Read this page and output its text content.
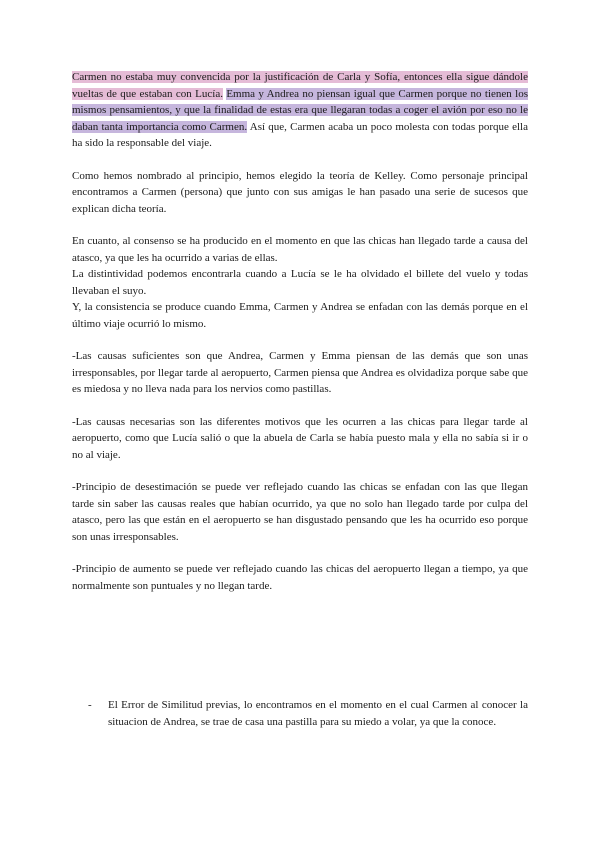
Carmen no estaba muy convencida por la justificación de Carla y Sofía, entonces ella sigue dándole vueltas de que estaban con Lucía. Emma y Andrea no piensan igual que Carmen porque no tienen los mismos pensamientos, y que la finalidad de estas era que llegaran todas a coger el avión por eso no le daban tanta importancia como Carmen. Así que, Carmen acaba un poco molesta con todas porque ella ha sido la responsable del viaje.

Como hemos nombrado al principio, hemos elegido la teoría de Kelley. Como personaje principal encontramos a Carmen (persona) que junto con sus amigas le han pasado una serie de sucesos que explican dicha teoría.

En cuanto, al consenso se ha producido en el momento en que las chicas han llegado tarde a causa del atasco, ya que les ha ocurrido a varias de ellas.
La distintividad podemos encontrarla cuando a Lucía se le ha olvidado el billete del vuelo y todas llevaban el suyo.
Y, la consistencia se produce cuando Emma, Carmen y Andrea se enfadan con las demás porque en el último viaje ocurrió lo mismo.

-Las causas suficientes son que Andrea, Carmen y Emma piensan de las demás que son unas irresponsables, por llegar tarde al aeropuerto, Carmen piensa que Andrea es olvidadiza porque sabe que es miedosa y no lleva nada para los nervios como pastillas.

-Las causas necesarias son las diferentes motivos que les ocurren a las chicas para llegar tarde al aeropuerto, como que Lucía salió o que la abuela de Carla se había puesto mala y ella no sabía si ir o no al viaje.

-Principio de desestimación se puede ver reflejado cuando las chicas se enfadan con las que llegan tarde sin saber las causas reales que habían ocurrido, ya que no solo han llegado tarde por culpa del atasco, pero las que están en el aeropuerto se han disgustado pensando que les ha ocurrido eso porque son unas irresponsables.

-Principio de aumento se puede ver reflejado cuando las chicas del aeropuerto llegan a tiempo, ya que normalmente son puntuales y no llegan tarde.

-	El Error de Similitud previas, lo encontramos en el momento en el cual Carmen al conocer la situacion de Andrea, se trae de casa una pastilla para su miedo a volar, ya que la conoce.
